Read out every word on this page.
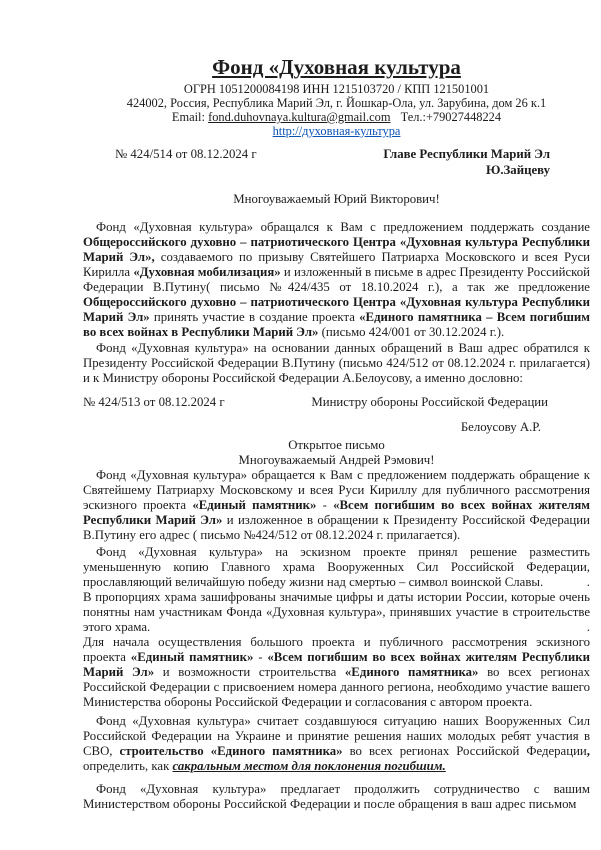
Фонд «Духовная культура
ОГРН 1051200084198 ИНН 1215103720 / КПП 121501001
424002, Россия, Республика Марий Эл, г. Йошкар-Ола, ул. Зарубина, дом 26 к.1
Email: fond.duhovnaya.kultura@gmail.com Тел.:+79027448224
http://духовная-культура
№ 424/514 от 08.12.2024 г	Главе Республики Марий Эл
Ю.Зайцеву
Многоуважаемый Юрий Викторович!

Фонд «Духовная культура» обращался к Вам с предложением поддержать создание Общероссийского духовно – патриотического Центра «Духовная культура Республики Марий Эл», создаваемого по призыву Святейшего Патриарха Московского и всея Руси Кирилла «Духовная мобилизация» и изложенный в письме в адрес Президенту Российской Федерации В.Путину( письмо №424/435 от 18.10.2024 г.), а так же предложение Общероссийского духовно – патриотического Центра «Духовная культура Республики Марий Эл» принять участие в создание проекта «Единого памятника – Всем погибшим во всех войнах в Республики Марий Эл» (письмо 424/001 от 30.12.2024 г.).

Фонд «Духовная культура» на основании данных обращений в Ваш адрес обратился к Президенту Российской Федерации В.Путину (письмо 424/512 от 08.12.2024 г. прилагается) и к Министру обороны Российской Федерации А.Белоусову, а именно дословно:

№ 424/513 от 08.12.2024 г	Министру обороны Российской Федерации
Белоусову А.Р.
Открытое письмо
Многоуважаемый Андрей Рэмович!

Фонд «Духовная культура» обращается к Вам с предложением поддержать обращение к Святейшему Патриарху Московскому и всея Руси Кириллу для публичного рассмотрения эскизного проекта «Единый памятник» - «Всем погибшим во всех войнах жителям Республики Марий Эл» и изложенное в обращении к Президенту Российской Федерации В.Путину его адрес ( письмо №424/512 от 08.12.2024 г. прилагается).

Фонд «Духовная культура» на эскизном проекте принял решение разместить уменьшенную копию Главного храма Вооруженных Сил Российской Федерации, прославляющий величайшую победу жизни над смертью – символ воинской Славы.	.

В пропорциях храма зашифрованы значимые цифры и даты истории России, которые очень понятны нам участникам Фонда «Духовная культура», принявших участие в строительстве этого храма.	.

Для начала осуществления большого проекта и публичного рассмотрения эскизного проекта «Единый памятник» - «Всем погибшим во всех войнах жителям Республики Марий Эл» и возможности строительства «Единого памятника» во всех регионах Российской Федерации с присвоением номера данного региона, необходимо участие вашего Министерства обороны Российской Федерации и согласования с автором проекта.

Фонд «Духовная культура» считает создавшуюся ситуацию наших Вооруженных Сил Российской Федерации на Украине и принятие решения наших молодых ребят участия в СВО, строительство «Единого памятника» во всех регионах Российской Федерации, определить, как сакральным местом для поклонения погибшим.

Фонд «Духовная культура» предлагает продолжить сотрудничество с вашим Министерством обороны Российской Федерации и после обращения в ваш адрес письмом
